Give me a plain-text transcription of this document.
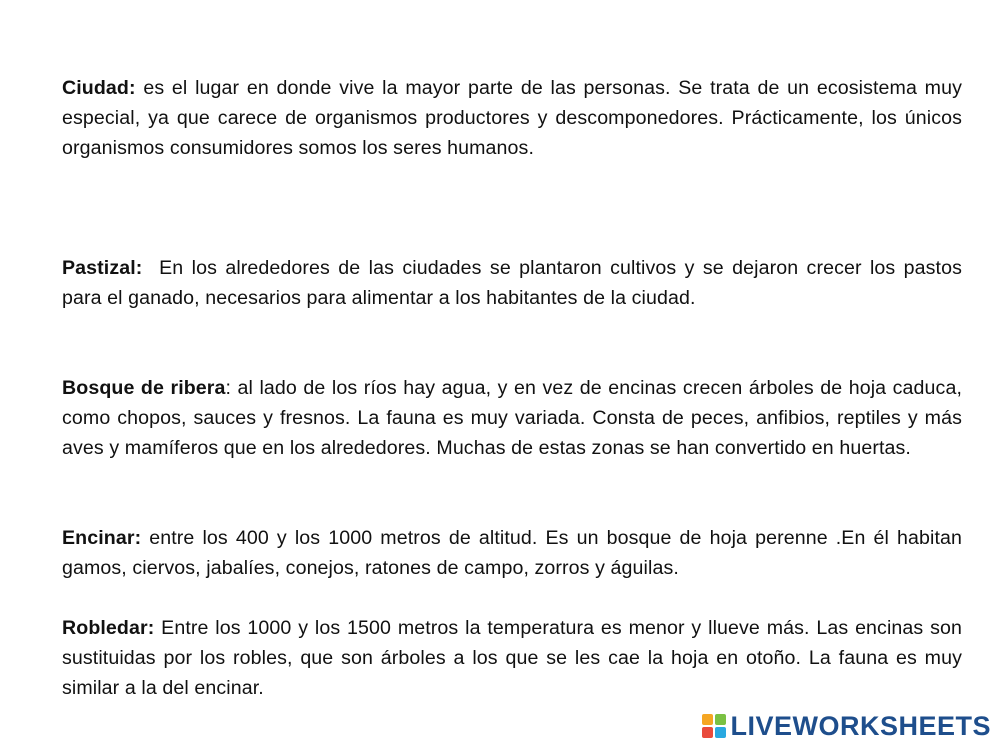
Ciudad: es el lugar en donde vive la mayor parte de las personas. Se trata de un ecosistema muy especial, ya que carece de organismos productores y descomponedores. Prácticamente, los únicos organismos consumidores somos los seres humanos.

Pastizal:  En los alrededores de las ciudades se plantaron cultivos y se dejaron crecer los pastos para el ganado, necesarios para alimentar a los habitantes de la ciudad.

Bosque de ribera: al lado de los ríos hay agua, y en vez de encinas crecen árboles de hoja caduca, como chopos, sauces y fresnos. La fauna es muy variada. Consta de peces, anfibios, reptiles y más aves y mamíferos que en los alrededores. Muchas de estas zonas se han convertido en huertas.

Encinar: entre los 400 y los 1000 metros de altitud. Es un bosque de hoja perenne .En él habitan gamos, ciervos, jabalíes, conejos, ratones de campo, zorros y águilas.

Robledar: Entre los 1000 y los 1500 metros la temperatura es menor y llueve más. Las encinas son sustituidas por los robles, que son árboles a los que se les cae la hoja en otoño. La fauna es muy similar a la del encinar.

LIVEWORKSHEETS
